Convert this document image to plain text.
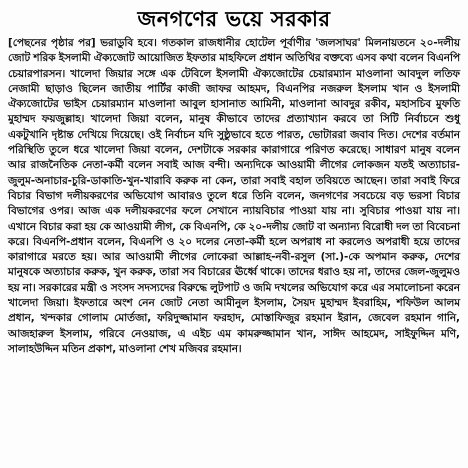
জনগণের ভয়ে সরকার

[পেছনের পৃষ্ঠার পর] ভরাডুবি হবে। গতকাল রাজধানীর হোটেল পূর্বাণীর 'জলসাঘর' মিলনায়তনে ২০-দলীয় জোট শরিক ইসলামী ঐক্যজোট আয়োজিত ইফতার মাহফিলে প্রধান অতিথির বক্তব্যে এসব কথা বলেন বিএনপি চেয়ারপারসন। খালেদা জিয়ার সঙ্গে এক টেবিলে ইসলামী ঐক্যজোটের চেয়ারম্যান মাওলানা আবদুল লতিফ নেজামী ছাড়াও ছিলেন জাতীয় পার্টির কাজী জাফর আহমদ, বিএনপির নজরুল ইসলাম খান ও ইসলামী ঐক্যজোটের ভাইস চেয়ারম্যান মাওলানা আবুল হাসানাত আমিনী, মাওলানা আবদুর রকীব, মহাসচিব মুফতি মুহাম্মদ ফয়জুল্লাহ। খালেদা জিয়া বলেন, মানুষ কীভাবে তাদের প্রত্যাখ্যান করবে তা সিটি নির্বাচনে শুধু একটুখানি দৃষ্টান্ত দেখিয়ে দিয়েছে। ওই নির্বাচন যদি সুষ্ঠুভাবে হতে পারত, ভোটাররা জবাব দিত। দেশের বর্তমান পরিস্থিতি তুলে ধরে খালেদা জিয়া বলেন, দেশটাকে সরকার কারাগারে পরিণত করেছে। সাধারণ মানুষ বলেন আর রাজনৈতিক নেতা-কর্মী বলেন সবাই আজ বন্দী। অন্যদিকে আওয়ামী লীগের লোকজন যতই অত্যাচার-জুলুম-অনাচার-চুরি-ডাকাতি-খুন-খারাবি করুক না কেন, তারা সবাই বহাল তবিয়তে আছেন। তারা সবাই ফিরে বিচার বিভাগ দলীয়করণের অভিযোগ আবারও তুলে ধরে তিনি বলেন, জনগণের সবচেয়ে বড় ভরসা বিচার বিভাগের ওপর। আজ এক দলীয়করণের ফলে সেখানে ন্যায়বিচার পাওয়া যায় না। সুবিচার পাওয়া যায় না। এখানে বিচার করা হয় কে আওয়ামী লীগ, কে বিএনপি, কে ২০-দলীয় জোট বা অন্যান্য বিরোধী দল তা বিবেচনা করে। বিএনপি-প্রধান বলেন, বিএনপি ও ২০ দলের নেতা-কর্মী হলে অপরাধ না করলেও অপরাধী হয়ে তাদের কারাগারে মরতে হয়। আর আওয়ামী লীগের লোকেরা আল্লাহ-নবী-রসুল (সা.)-কে অপমান করুক, দেশের মানুষকে অত্যাচার করুক, খুন করুক, তারা সব বিচারের ঊর্ধ্বে থাকে। তাদের ধরাও হয় না, তাদের জেল-জুলুমও হয় না। সরকারের মন্ত্রী ও সংসদ সদস্যদের বিরুদ্ধে লুটপাট ও জমি দখলের অভিযোগ করে এর সমালোচনা করেন খালেদা জিয়া। ইফতারে অংশ নেন জোট নেতা আমীনুল ইসলাম, সৈয়দ মুহাম্মদ ইবরাহিম, শফিউল আলম প্রধান, খন্দকার গোলাম মোর্তজা, ফরিদুজ্জামান ফরহাদ, মোস্তাফিজুর রহমান ইরান, জেবেল রহমান গানি, আজহারুল ইসলাম, গরিবে নেওয়াজ, এ এইচ এম কামরুজ্জামান খান, সাঈদ আহমেদ, সাইফুদ্দিন মণি, সালাহউদ্দিন মতিন প্রকাশ, মাওলানা শেখ মজিবর রহমান।
